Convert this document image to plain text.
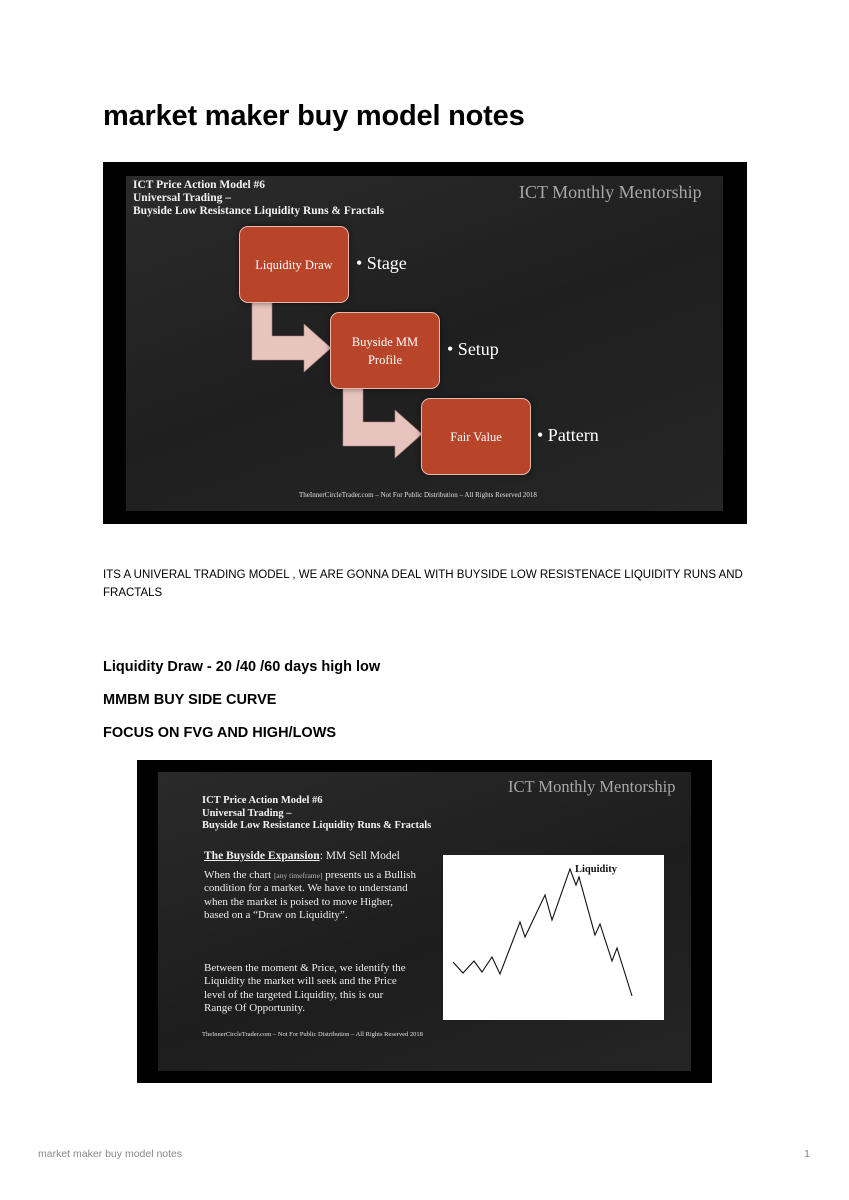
market maker buy model notes
ICT Price Action Model #6
Universal Trading –
Buyside Low Resistance Liquidity Runs & Fractals
ICT Monthly Mentorship
Liquidity Draw
Buyside MM Profile
Fair Value
• Stage
• Setup
• Pattern
TheInnerCircleTrader.com – Not For Public Distribution – All Rights Reserved 2018
ITS A UNIVERAL TRADING MODEL , WE ARE GONNA DEAL WITH BUYSIDE LOW RESISTENACE LIQUIDITY RUNS AND FRACTALS
Liquidity Draw - 20 /40 /60 days high low
MMBM BUY SIDE CURVE
FOCUS ON FVG AND HIGH/LOWS
ICT Price Action Model #6
Universal Trading –
Buyside Low Resistance Liquidity Runs & Fractals
ICT Monthly Mentorship
The Buyside Expansion: MM Sell Model
When the chart [any timeframe] presents us a Bullish condition for a market. We have to understand when the market is poised to move Higher, based on a “Draw on Liquidity”.
Between the moment & Price, we identify the Liquidity the market will seek and the Price level of the targeted Liquidity, this is our Range Of Opportunity.
Liquidity
TheInnerCircleTrader.com – Not For Public Distribution – All Rights Reserved 2018
market maker buy model notes	1
